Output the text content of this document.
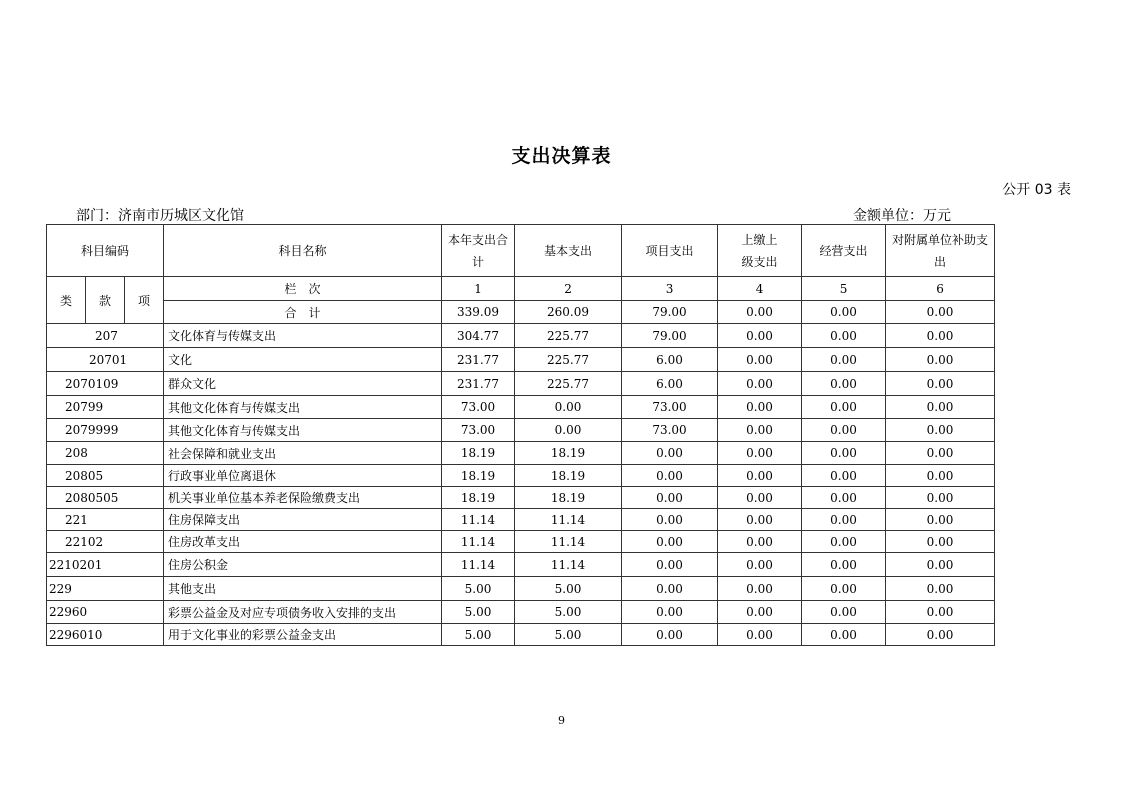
支出决算表
公开 03 表
部门：济南市历城区文化馆	金额单位：万元
科目编码			科目名称	本年支出合计	基本支出	项目支出	上缴上级支出	经营支出	对附属单位补助支出
类	款	项	栏　次	1	2	3	4	5	6
			合　计	339.09	260.09	79.00	0.00	0.00	0.00
207			文化体育与传媒支出	304.77	225.77	79.00	0.00	0.00	0.00
20701			文化	231.77	225.77	6.00	0.00	0.00	0.00
2070109			群众文化	231.77	225.77	6.00	0.00	0.00	0.00
20799			其他文化体育与传媒支出	73.00	0.00	73.00	0.00	0.00	0.00
2079999			其他文化体育与传媒支出	73.00	0.00	73.00	0.00	0.00	0.00
208			社会保障和就业支出	18.19	18.19	0.00	0.00	0.00	0.00
20805			行政事业单位离退休	18.19	18.19	0.00	0.00	0.00	0.00
2080505			机关事业单位基本养老保险缴费支出	18.19	18.19	0.00	0.00	0.00	0.00
221			住房保障支出	11.14	11.14	0.00	0.00	0.00	0.00
22102			住房改革支出	11.14	11.14	0.00	0.00	0.00	0.00
2210201			住房公积金	11.14	11.14	0.00	0.00	0.00	0.00
229			其他支出	5.00	5.00	0.00	0.00	0.00	0.00
22960			彩票公益金及对应专项债务收入安排的支出	5.00	5.00	0.00	0.00	0.00	0.00
2296010			用于文化事业的彩票公益金支出	5.00	5.00	0.00	0.00	0.00	0.00
9
